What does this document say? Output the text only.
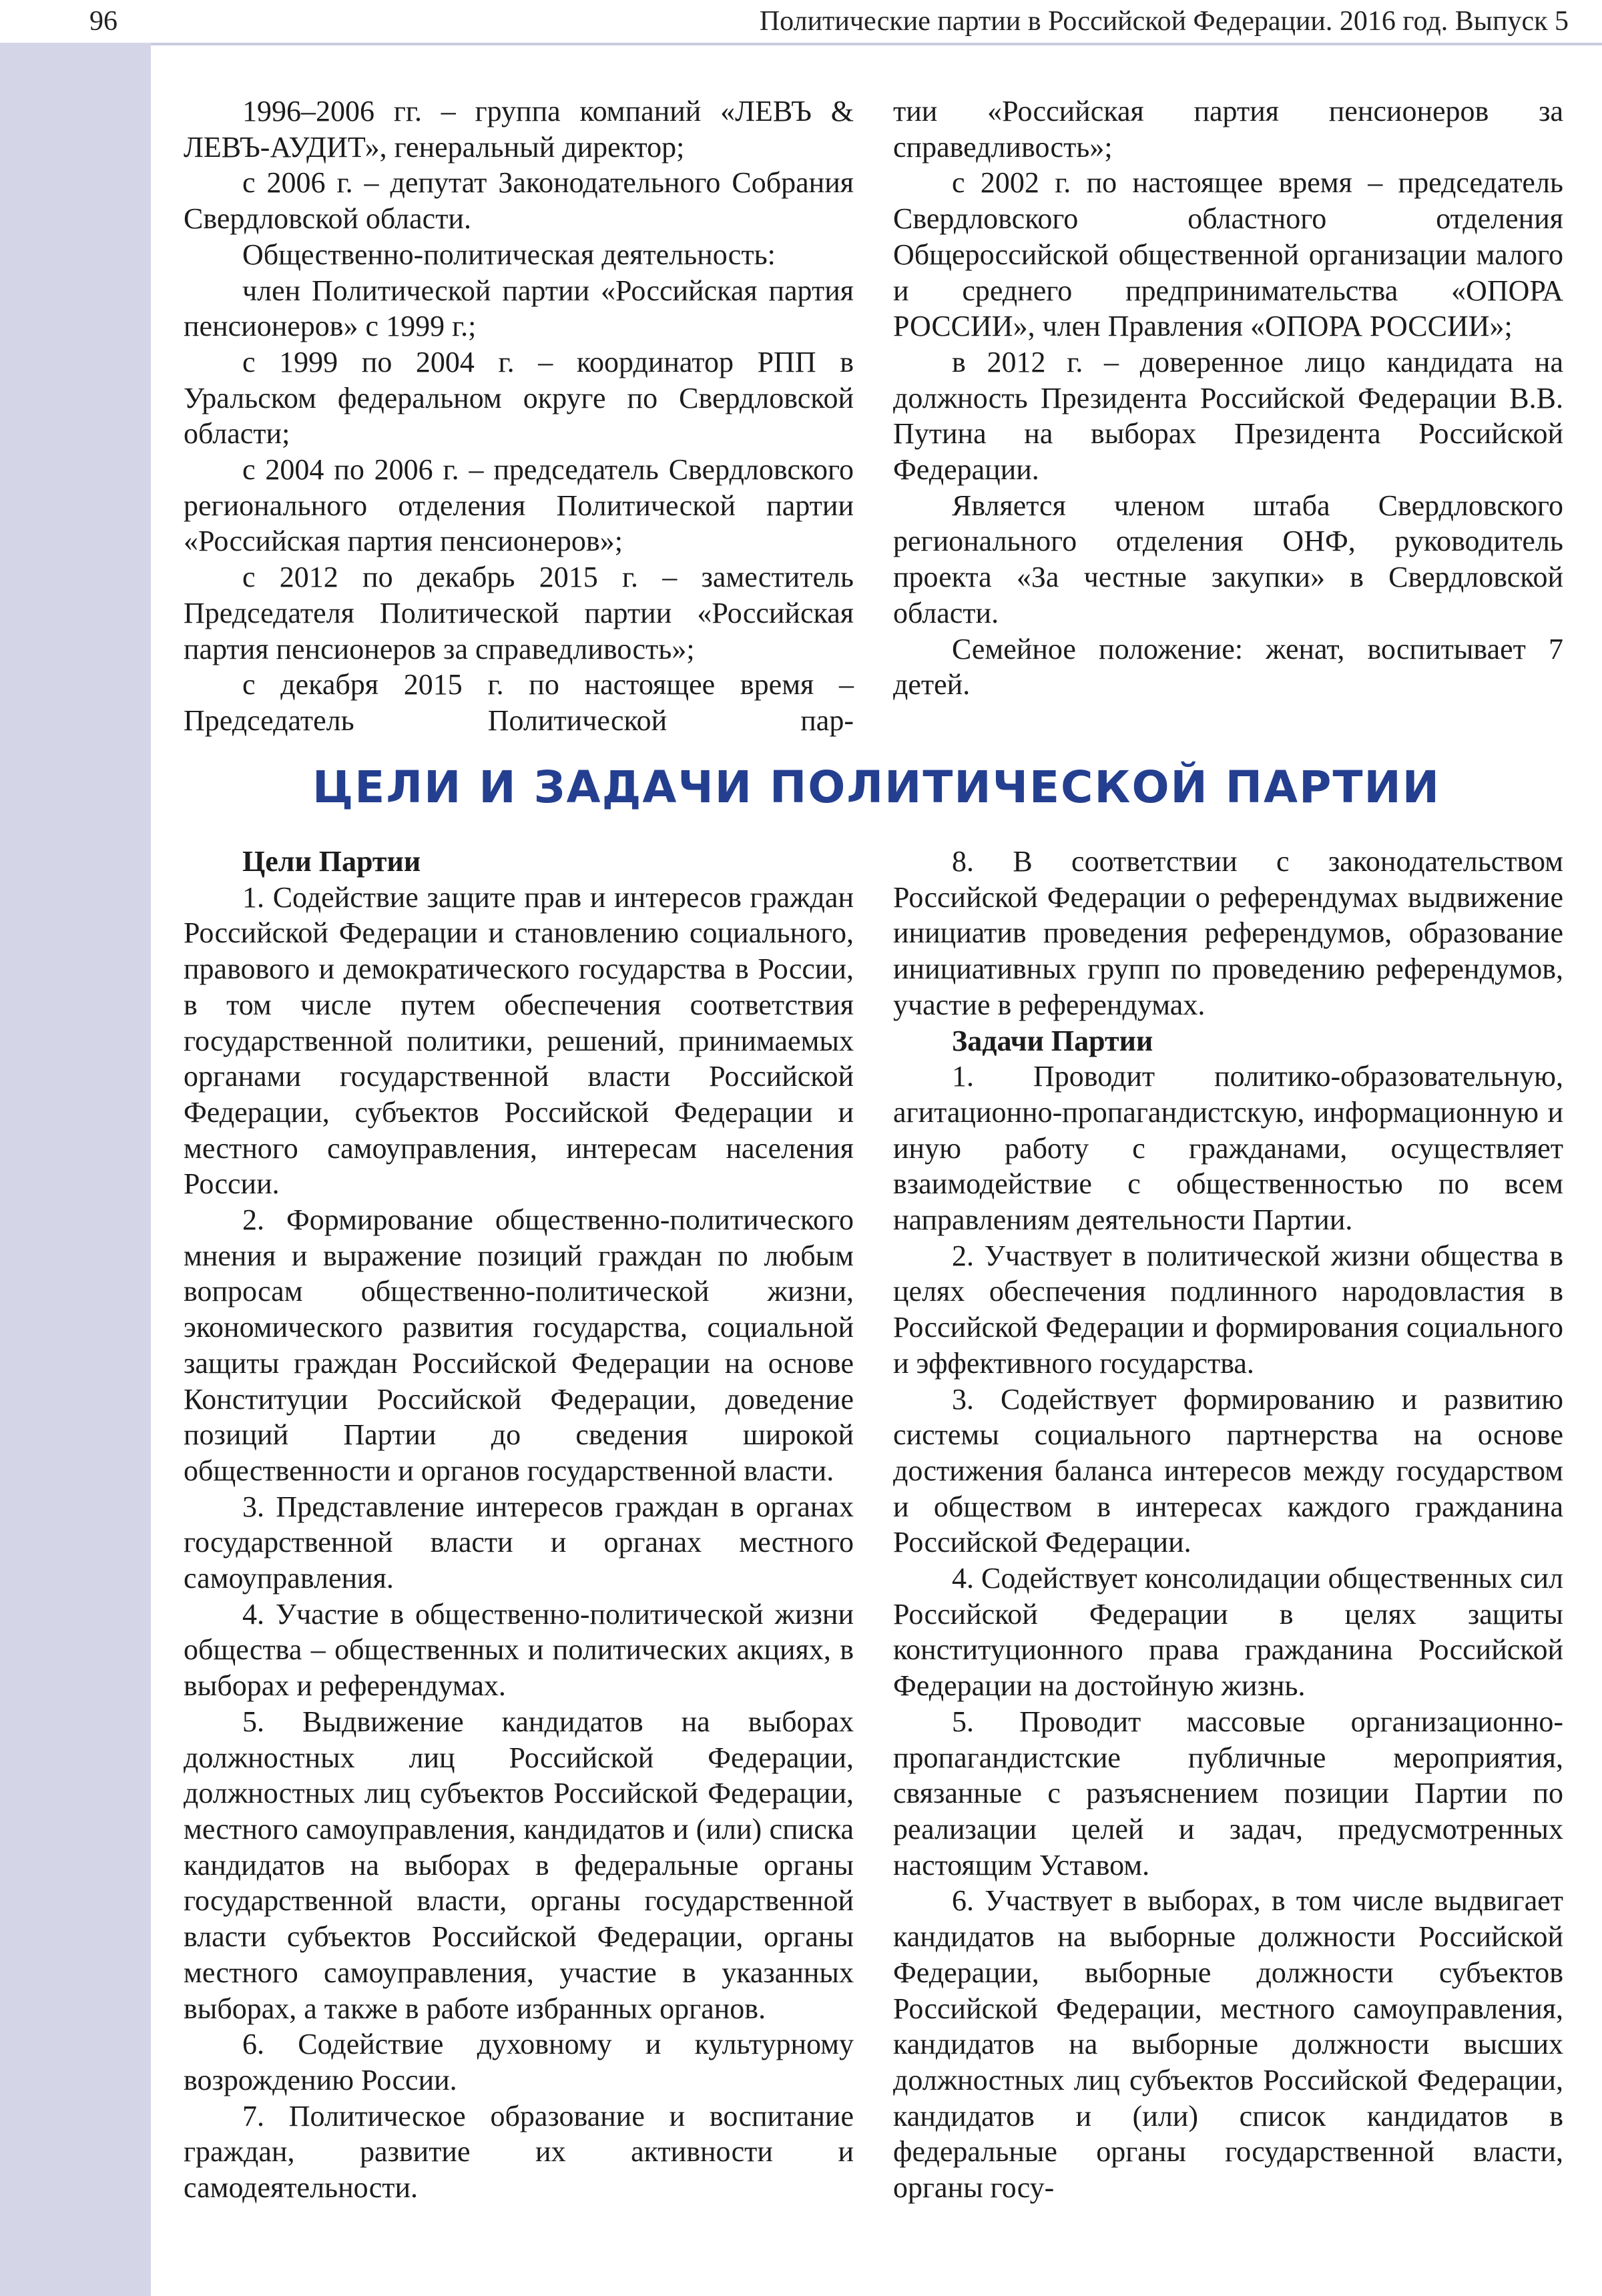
96	Политические партии в Российской Федерации. 2016 год. Выпуск 5

1996–2006 гг. – группа компаний «ЛЕВЪ & ЛЕВЪ-АУДИТ», генеральный директор;

с 2006 г. – депутат Законодательного Собрания Свердловской области.

Общественно-политическая деятельность:

член Политической партии «Российская партия пенсионеров» с 1999 г.;

с 1999 по 2004 г. – координатор РПП в Уральском федеральном округе по Свердловской области;

с 2004 по 2006 г. – председатель Свердловского регионального отделения Политической партии «Российская партия пенсионеров»;

с 2012 по декабрь 2015 г. – заместитель Председателя Политической партии «Российская партия пенсионеров за справедливость»;

с декабря 2015 г. по настоящее время – Председатель Политической пар-

тии «Российская партия пенсионеров за справедливость»;

с 2002 г. по настоящее время – председатель Свердловского областного отделения Общероссийской общественной организации малого и среднего предпринимательства «ОПОРА РОССИИ», член Правления «ОПОРА РОССИИ»;

в 2012 г. – доверенное лицо кандидата на должность Президента Российской Федерации В.В. Путина на выборах Президента Российской Федерации.

Является членом штаба Свердловского регионального отделения ОНФ, руководитель проекта «За честные закупки» в Свердловской области.

Семейное положение: женат, воспитывает 7 детей.

ЦЕЛИ И ЗАДАЧИ ПОЛИТИЧЕСКОЙ ПАРТИИ

Цели Партии

1. Содействие защите прав и интересов граждан Российской Федерации и становлению социального, правового и демократического государства в России, в том числе путем обеспечения соответствия государственной политики, решений, принимаемых органами государственной власти Российской Федерации, субъектов Российской Федерации и местного самоуправления, интересам населения России.

2. Формирование общественно-политического мнения и выражение позиций граждан по любым вопросам общественно-политической жизни, экономического развития государства, социальной защиты граждан Российской Федерации на основе Конституции Российской Федерации, доведение позиций Партии до сведения широкой общественности и органов государственной власти.

3. Представление интересов граждан в органах государственной власти и органах местного самоуправления.

4. Участие в общественно-политической жизни общества – общественных и политических акциях, в выборах и референдумах.

5. Выдвижение кандидатов на выборах должностных лиц Российской Федерации, должностных лиц субъектов Российской Федерации, местного самоуправления, кандидатов и (или) списка кандидатов на выборах в федеральные органы государственной власти, органы государственной власти субъектов Российской Федерации, органы местного самоуправления, участие в указанных выборах, а также в работе избранных органов.

6. Содействие духовному и культурному возрождению России.

7. Политическое образование и воспитание граждан, развитие их активности и самодеятельности.

8. В соответствии с законодательством Российской Федерации о референдумах выдвижение инициатив проведения референдумов, образование инициативных групп по проведению референдумов, участие в референдумах.

Задачи Партии

1. Проводит политико-образовательную, агитационно-пропагандистскую, информационную и иную работу с гражданами, осуществляет взаимодействие с общественностью по всем направлениям деятельности Партии.

2. Участвует в политической жизни общества в целях обеспечения подлинного народовластия в Российской Федерации и формирования социального и эффективного государства.

3. Содействует формированию и развитию системы социального партнерства на основе достижения баланса интересов между государством и обществом в интересах каждого гражданина Российской Федерации.

4. Содействует консолидации общественных сил Российской Федерации в целях защиты конституционного права гражданина Российской Федерации на достойную жизнь.

5. Проводит массовые организационно-пропагандистские публичные мероприятия, связанные с разъяснением позиции Партии по реализации целей и задач, предусмотренных настоящим Уставом.

6. Участвует в выборах, в том числе выдвигает кандидатов на выборные должности Российской Федерации, выборные должности субъектов Российской Федерации, местного самоуправления, кандидатов на выборные должности высших должностных лиц субъектов Российской Федерации, кандидатов и (или) список кандидатов в федеральные органы государственной власти, органы госу-
